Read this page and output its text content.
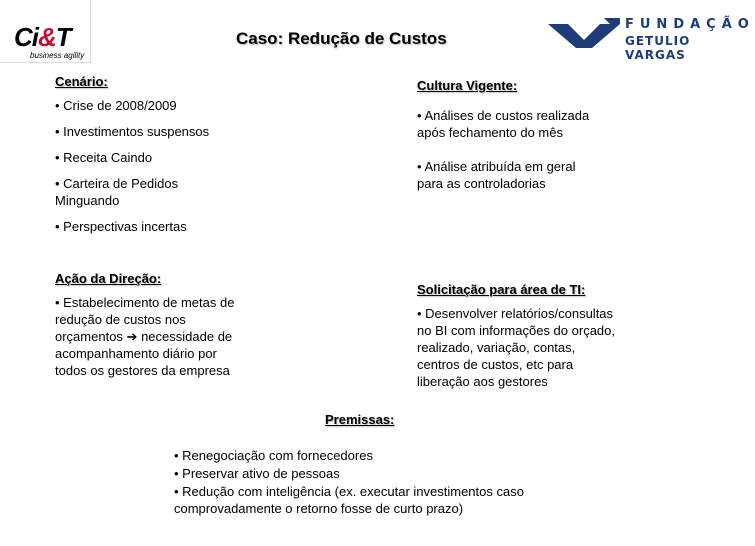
Ci&T
business agility
Caso: Redução de Custos
FUNDAÇÃO
GETULIO VARGAS
Cenário:
• Crise de 2008/2009
• Investimentos suspensos
• Receita Caindo
• Carteira de Pedidos Minguando
• Perspectivas incertas
Cultura Vigente:
• Análises de custos realizada após fechamento do mês
• Análise atribuída em geral para as controladorias
Ação da Direção:
• Estabelecimento de metas de redução de custos nos orçamentos ➔ necessidade de acompanhamento diário por todos os gestores da empresa
Solicitação para área de TI:
• Desenvolver relatórios/consultas no BI com informações do orçado, realizado, variação, contas, centros de custos, etc para liberação aos gestores
Premissas:
• Renegociação com fornecedores
• Preservar ativo de pessoas
• Redução com inteligência (ex. executar investimentos caso comprovadamente o retorno fosse de curto prazo)
